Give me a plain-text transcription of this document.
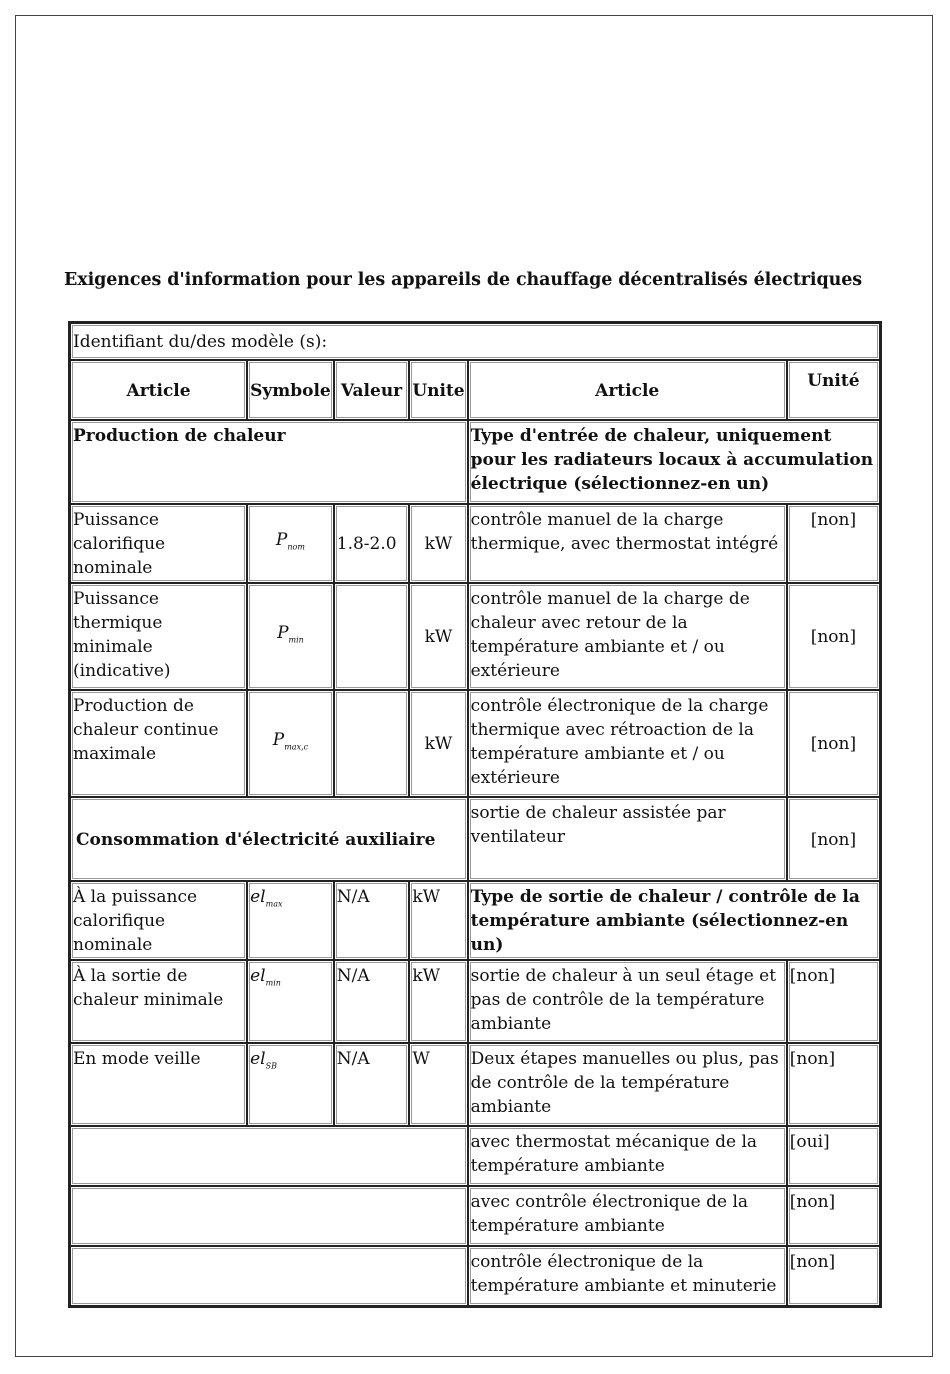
Exigences d'information pour les appareils de chauffage décentralisés électriques
Identifiant du/des modèle (s):					
Article	Symbole	Valeur	Unite	Article	Unité
Production de chaleur				Type d'entrée de chaleur, uniquement pour les radiateurs locaux à accumulation électrique (sélectionnez-en un)	
Puissance calorifique nominale	$P_{nom}$	1.8-2.0	kW	contrôle manuel de la charge thermique, avec thermostat intégré	[non]
Puissance thermique minimale (indicative)	$P_{min}$		kW	contrôle manuel de la charge de chaleur avec retour de la température ambiante et / ou extérieure	[non]
Production de chaleur continue maximale	$P_{max,c}$		kW	contrôle électronique de la charge thermique avec rétroaction de la température ambiante et / ou extérieure	[non]
Consommation d'électricité auxiliaire				sortie de chaleur assistée par ventilateur	[non]
À la puissance calorifique nominale	$el_{max}$	N/A	kW	Type de sortie de chaleur / contrôle de la température ambiante (sélectionnez-en un)	
À la sortie de chaleur minimale	$el_{min}$	N/A	kW	sortie de chaleur à un seul étage et pas de contrôle de la température ambiante	[non]
En mode veille	$el_{SB}$	N/A	W	Deux étapes manuelles ou plus, pas de contrôle de la température ambiante	[non]
				avec thermostat mécanique de la température ambiante	[oui]
				avec contrôle électronique de la température ambiante	[non]
				contrôle électronique de la température ambiante et minuterie	[non]
